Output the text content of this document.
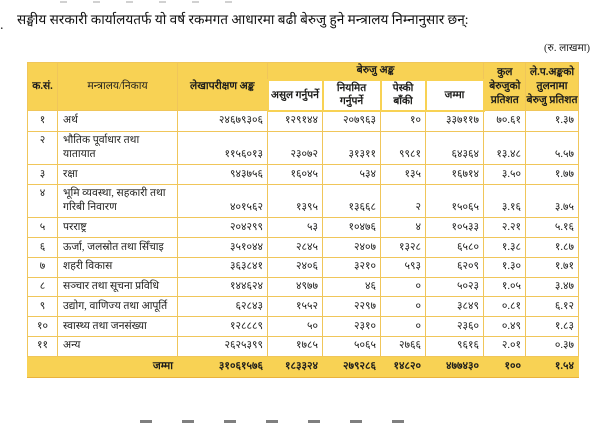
. सङ्घीय सरकारी कार्यालयतर्फ यो वर्ष रकमगत आधारमा बढी बेरुजु हुने मन्त्रालय निम्नानुसार छन्:
(रु. लाखमा)
क.सं.	मन्त्रालय/निकाय	लेखापरीक्षण अङ्क	बेरुजु अङ्क				कुल बेरुजुको प्रतिशत	ले.प.अङ्कको तुलनामा बेरुजु प्रतिशत
			असुल गर्नुपर्ने	नियमित गर्नुपर्ने	पेस्की बाँकी	जम्मा		
१	अर्थ	२४६७९३०६	१२९१४४	२०७९६३	१०	३३७११७	७०.६१	१.३७
२	भौतिक पूर्वाधार तथा यातायात	११५६०१३	२३०७२	३१३११	९९८१	६४३६४	१३.४८	५.५७
३	रक्षा	९४३७५६	१६०४५	५३४	१३५	१६७१४	३.५०	१.७७
४	भूमि व्यवस्था, सहकारी तथा गरिबी निवारण	४०१५६२	१३९५	१३६६८	२	१५०६५	३.१६	३.७५
५	परराष्ट्र	२०४२९९	५३	१०४७६	४	१०५३३	२.२१	५.१६
६	ऊर्जा, जलस्रोत तथा सिँचाइ	३५१०४४	२८४५	२४०७	१३२८	६५८०	१.३८	१.८७
७	शहरी विकास	३६३८४१	२४०६	३२१०	५९३	६२०९	१.३०	१.७१
८	सञ्चार तथा सूचना प्रविधि	१४४६२४	४९७७	४६	०	५०२३	१.०५	३.४७
९	उद्योग, वाणिज्य तथा आपूर्ति	६२८४३	१५५२	२२९७	०	३८४९	०.८१	६.१२
१०	स्वास्थ्य तथा जनसंख्या	१२८८८९	५०	२३१०	०	२३६०	०.४९	१.८३
११	अन्य	२६२५३९९	१७८५	५०६५	२७६६	९६१६	२.०१	०.३७
जम्मा		३१०६१५७६	१८३३२४	२७९२८६	१४८२०	४७७४३०	१००	१.५४
